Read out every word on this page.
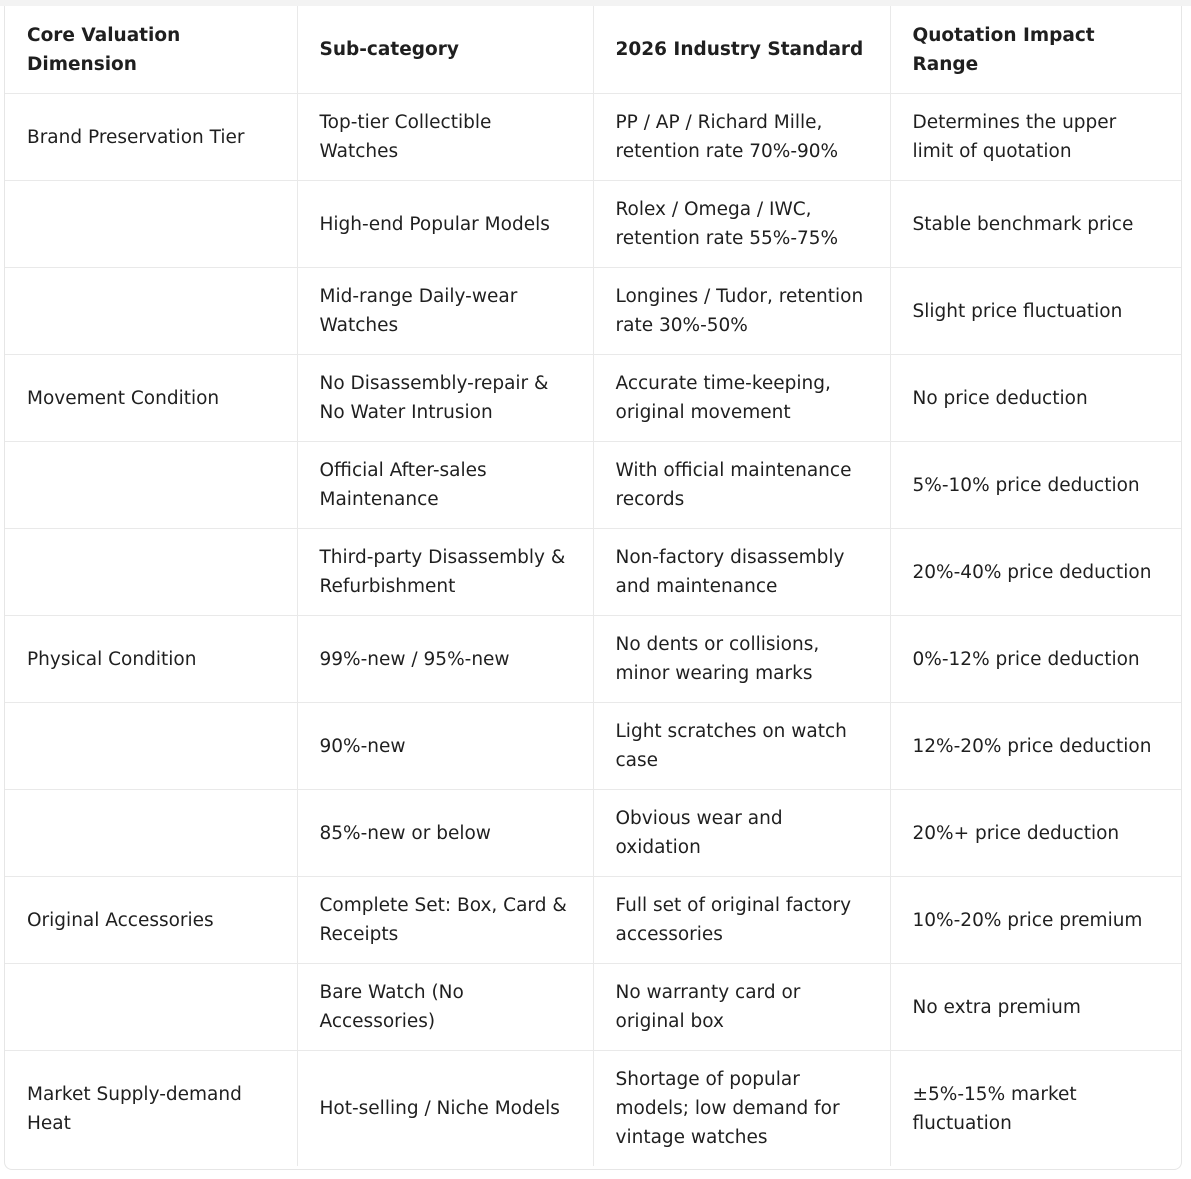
Core Valuation Dimension	Sub-category	2026 Industry Standard	Quotation Impact Range
Brand Preservation Tier	Top-tier Collectible Watches	PP / AP / Richard Mille, retention rate 70%-90%	Determines the upper limit of quotation
	High-end Popular Models	Rolex / Omega / IWC, retention rate 55%-75%	Stable benchmark price
	Mid-range Daily-wear Watches	Longines / Tudor, retention rate 30%-50%	Slight price fluctuation
Movement Condition	No Disassembly-repair & No Water Intrusion	Accurate time-keeping, original movement	No price deduction
	Official After-sales Maintenance	With official maintenance records	5%-10% price deduction
	Third-party Disassembly & Refurbishment	Non-factory disassembly and maintenance	20%-40% price deduction
Physical Condition	99%-new / 95%-new	No dents or collisions, minor wearing marks	0%-12% price deduction
	90%-new	Light scratches on watch case	12%-20% price deduction
	85%-new or below	Obvious wear and oxidation	20%+ price deduction
Original Accessories	Complete Set: Box, Card & Receipts	Full set of original factory accessories	10%-20% price premium
	Bare Watch (No Accessories)	No warranty card or original box	No extra premium
Market Supply-demand Heat	Hot-selling / Niche Models	Shortage of popular models; low demand for vintage watches	±5%-15% market fluctuation
